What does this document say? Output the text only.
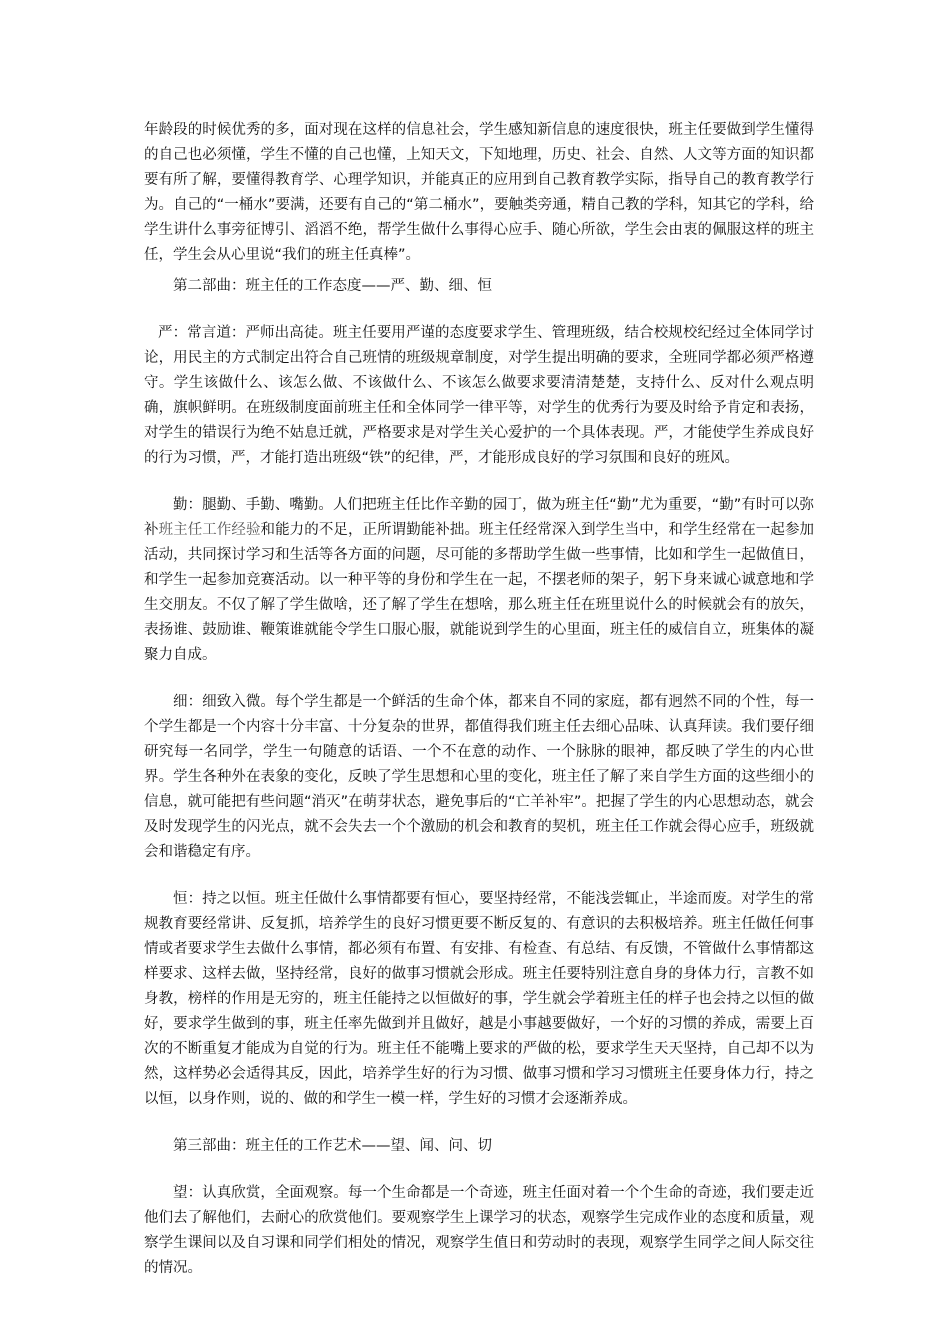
年龄段的时候优秀的多，面对现在这样的信息社会，学生感知新信息的速度很快，班主任要做到学生懂得的自己也必须懂，学生不懂的自己也懂，上知天文，下知地理，历史、社会、自然、人文等方面的知识都要有所了解，要懂得教育学、心理学知识，并能真正的应用到自己教育教学实际，指导自己的教育教学行为。自己的“一桶水”要满，还要有自己的“第二桶水”，要触类旁通，精自己教的学科，知其它的学科，给学生讲什么事旁征博引、滔滔不绝，帮学生做什么事得心应手、随心所欲，学生会由衷的佩服这样的班主任，学生会从心里说“我们的班主任真棒”。

第二部曲：班主任的工作态度——严、勤、细、恒

严：常言道：严师出高徒。班主任要用严谨的态度要求学生、管理班级，结合校规校纪经过全体同学讨论，用民主的方式制定出符合自己班情的班级规章制度，对学生提出明确的要求，全班同学都必须严格遵守。学生该做什么、该怎么做、不该做什么、不该怎么做要求要清清楚楚，支持什么、反对什么观点明确，旗帜鲜明。在班级制度面前班主任和全体同学一律平等，对学生的优秀行为要及时给予肯定和表扬，对学生的错误行为绝不姑息迁就，严格要求是对学生关心爱护的一个具体表现。严，才能使学生养成良好的行为习惯，严，才能打造出班级“铁”的纪律，严，才能形成良好的学习氛围和良好的班风。

勤：腿勤、手勤、嘴勤。人们把班主任比作辛勤的园丁，做为班主任“勤”尤为重要，“勤”有时可以弥补班主任工作经验和能力的不足，正所谓勤能补拙。班主任经常深入到学生当中，和学生经常在一起参加活动，共同探讨学习和生活等各方面的问题，尽可能的多帮助学生做一些事情，比如和学生一起做值日，和学生一起参加竞赛活动。以一种平等的身份和学生在一起，不摆老师的架子，躬下身来诚心诚意地和学生交朋友。不仅了解了学生做啥，还了解了学生在想啥，那么班主任在班里说什么的时候就会有的放矢，表扬谁、鼓励谁、鞭策谁就能令学生口服心服，就能说到学生的心里面，班主任的威信自立，班集体的凝聚力自成。

细：细致入微。每个学生都是一个鲜活的生命个体，都来自不同的家庭，都有迥然不同的个性，每一个学生都是一个内容十分丰富、十分复杂的世界，都值得我们班主任去细心品味、认真拜读。我们要仔细研究每一名同学，学生一句随意的话语、一个不在意的动作、一个脉脉的眼神，都反映了学生的内心世界。学生各种外在表象的变化，反映了学生思想和心里的变化，班主任了解了来自学生方面的这些细小的信息，就可能把有些问题“消灭”在萌芽状态，避免事后的“亡羊补牢”。把握了学生的内心思想动态，就会及时发现学生的闪光点，就不会失去一个个激励的机会和教育的契机，班主任工作就会得心应手，班级就会和谐稳定有序。

恒：持之以恒。班主任做什么事情都要有恒心，要坚持经常，不能浅尝辄止，半途而废。对学生的常规教育要经常讲、反复抓，培养学生的良好习惯更要不断反复的、有意识的去积极培养。班主任做任何事情或者要求学生去做什么事情，都必须有布置、有安排、有检查、有总结、有反馈，不管做什么事情都这样要求、这样去做，坚持经常，良好的做事习惯就会形成。班主任要特别注意自身的身体力行，言教不如身教，榜样的作用是无穷的，班主任能持之以恒做好的事，学生就会学着班主任的样子也会持之以恒的做好，要求学生做到的事，班主任率先做到并且做好，越是小事越要做好，一个好的习惯的养成，需要上百次的不断重复才能成为自觉的行为。班主任不能嘴上要求的严做的松，要求学生天天坚持，自己却不以为然，这样势必会适得其反，因此，培养学生好的行为习惯、做事习惯和学习习惯班主任要身体力行，持之以恒，以身作则，说的、做的和学生一模一样，学生好的习惯才会逐渐养成。

第三部曲：班主任的工作艺术——望、闻、问、切

望：认真欣赏，全面观察。每一个生命都是一个奇迹，班主任面对着一个个生命的奇迹，我们要走近他们去了解他们，去耐心的欣赏他们。要观察学生上课学习的状态，观察学生完成作业的态度和质量，观察学生课间以及自习课和同学们相处的情况，观察学生值日和劳动时的表现，观察学生同学之间人际交往的情况。
